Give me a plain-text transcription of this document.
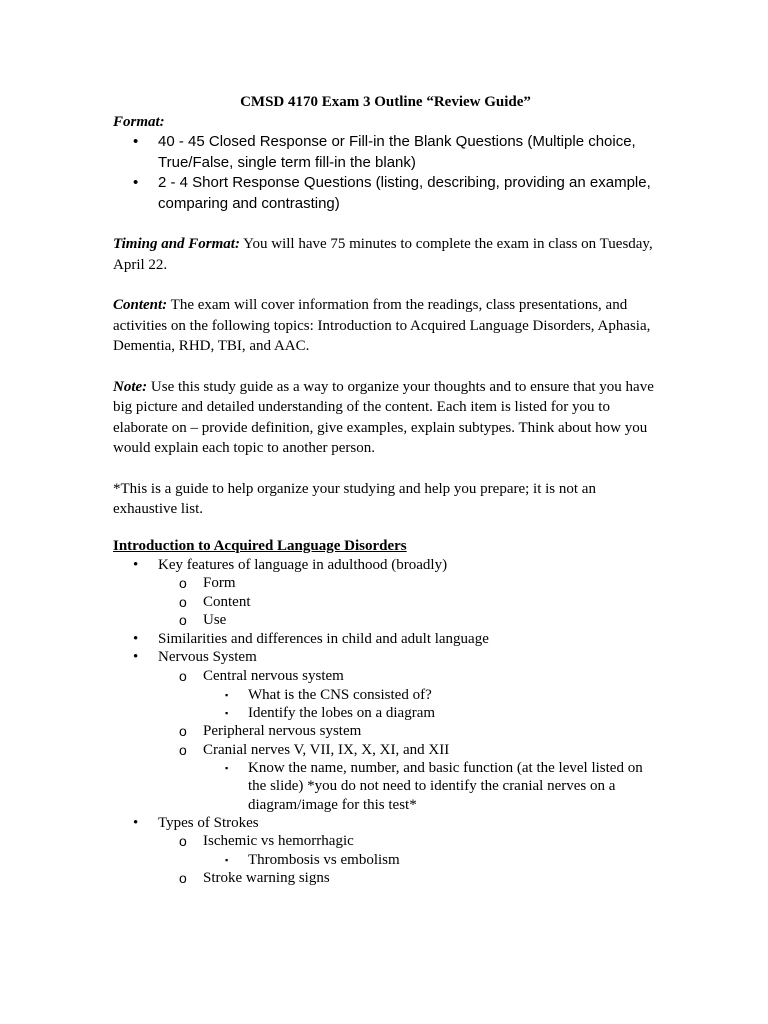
CMSD 4170 Exam 3 Outline “Review Guide”

Format:

• 40 - 45 Closed Response or Fill-in the Blank Questions (Multiple choice, True/False, single term fill-in the blank)
• 2 - 4 Short Response Questions (listing, describing, providing an example, comparing and contrasting)

Timing and Format: You will have 75 minutes to complete the exam in class on Tuesday, April 22.

Content: The exam will cover information from the readings, class presentations, and activities on the following topics: Introduction to Acquired Language Disorders, Aphasia, Dementia, RHD, TBI, and AAC.

Note: Use this study guide as a way to organize your thoughts and to ensure that you have big picture and detailed understanding of the content. Each item is listed for you to elaborate on – provide definition, give examples, explain subtypes. Think about how you would explain each topic to another person.

*This is a guide to help organize your studying and help you prepare; it is not an exhaustive list.

Introduction to Acquired Language Disorders

• Key features of language in adulthood (broadly)
o Form
o Content
o Use
• Similarities and differences in child and adult language
• Nervous System
o Central nervous system
▪ What is the CNS consisted of?
▪ Identify the lobes on a diagram
o Peripheral nervous system
o Cranial nerves V, VII, IX, X, XI, and XII
▪ Know the name, number, and basic function (at the level listed on the slide) *you do not need to identify the cranial nerves on a diagram/image for this test*
• Types of Strokes
o Ischemic vs hemorrhagic
▪ Thrombosis vs embolism
o Stroke warning signs
